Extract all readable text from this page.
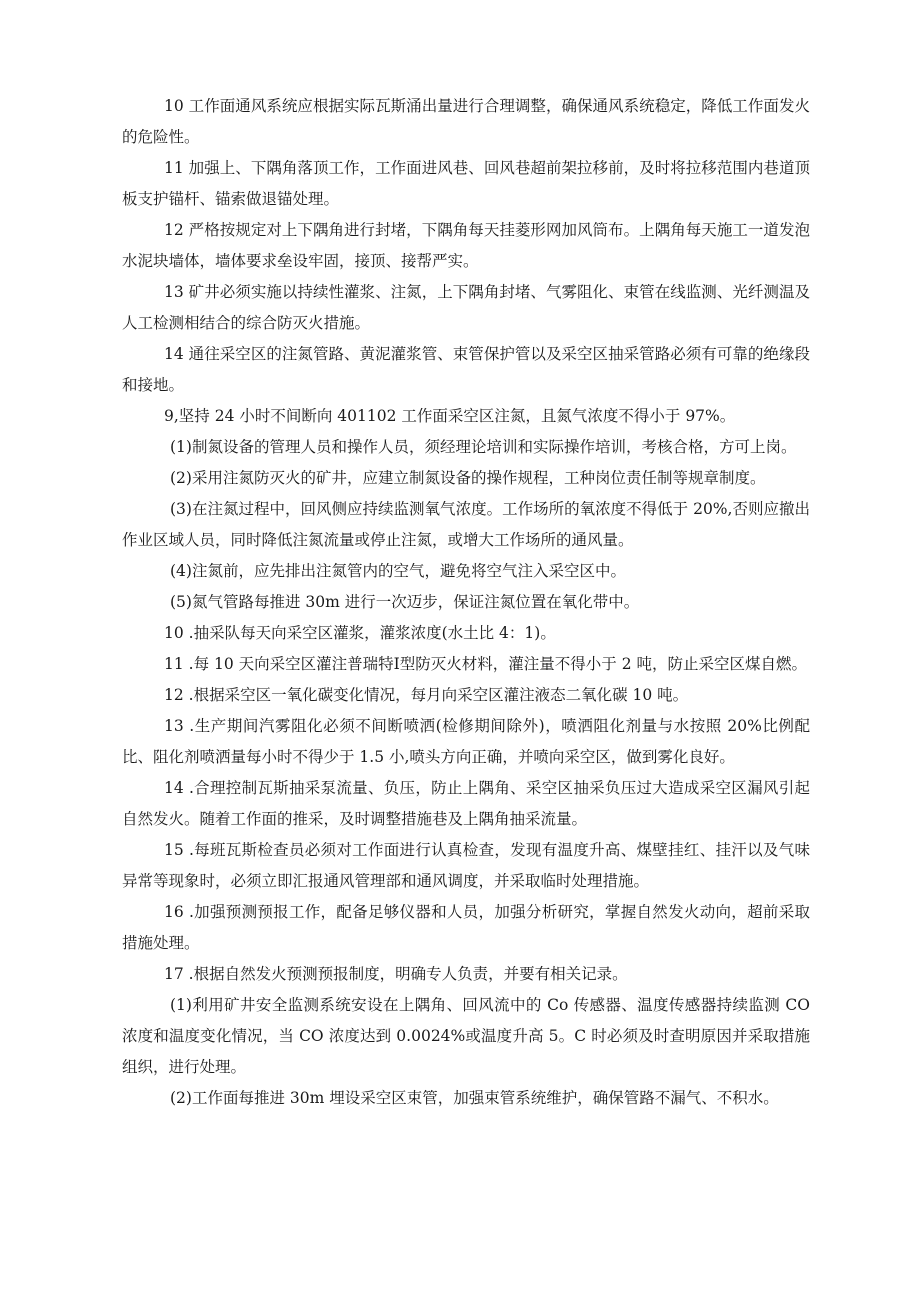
10 工作面通风系统应根据实际瓦斯涌出量进行合理调整，确保通风系统稳定，降低工作面发火的危险性。

11 加强上、下隅角落顶工作，工作面进风巷、回风巷超前架拉移前，及时将拉移范围内巷道顶板支护锚杆、锚索做退锚处理。

12 严格按规定对上下隅角进行封堵，下隅角每天挂菱形网加风筒布。上隅角每天施工一道发泡水泥块墙体，墙体要求垒设牢固，接顶、接帮严实。

13 矿井必须实施以持续性灌浆、注氮，上下隅角封堵、气雾阻化、束管在线监测、光纤测温及人工检测相结合的综合防灭火措施。

14 通往采空区的注氮管路、黄泥灌浆管、束管保护管以及采空区抽采管路必须有可靠的绝缘段和接地。

9,坚持 24 小时不间断向 401102 工作面采空区注氮，且氮气浓度不得小于 97%。

(1)制氮设备的管理人员和操作人员，须经理论培训和实际操作培训，考核合格，方可上岗。

(2)采用注氮防灭火的矿井，应建立制氮设备的操作规程，工种岗位责任制等规章制度。

(3)在注氮过程中，回风侧应持续监测氧气浓度。工作场所的氧浓度不得低于 20%,否则应撤出作业区域人员，同时降低注氮流量或停止注氮，或增大工作场所的通风量。

(4)注氮前，应先排出注氮管内的空气，避免将空气注入采空区中。

(5)氮气管路每推进 30m 进行一次迈步，保证注氮位置在氧化带中。

10 .抽采队每天向采空区灌浆，灌浆浓度(水土比 4：1)。

11 .每 10 天向采空区灌注普瑞特Ⅰ型防灭火材料，灌注量不得小于 2 吨，防止采空区煤自燃。

12 .根据采空区一氧化碳变化情况，每月向采空区灌注液态二氧化碳 10 吨。

13 .生产期间汽雾阻化必须不间断喷洒(检修期间除外)，喷洒阻化剂量与水按照 20%比例配比、阻化剂喷洒量每小时不得少于 1.5 小,喷头方向正确，并喷向采空区，做到雾化良好。

14 .合理控制瓦斯抽采泵流量、负压，防止上隅角、采空区抽采负压过大造成采空区漏风引起自然发火。随着工作面的推采，及时调整措施巷及上隅角抽采流量。

15 .每班瓦斯检查员必须对工作面进行认真检查，发现有温度升高、煤壁挂红、挂汗以及气味异常等现象时，必须立即汇报通风管理部和通风调度，并采取临时处理措施。

16 .加强预测预报工作，配备足够仪器和人员，加强分析研究，掌握自然发火动向，超前采取措施处理。

17 .根据自然发火预测预报制度，明确专人负责，并要有相关记录。

(1)利用矿井安全监测系统安设在上隅角、回风流中的 Co 传感器、温度传感器持续监测 CO 浓度和温度变化情况，当 CO 浓度达到 0.0024%或温度升高 5。C 时必须及时查明原因并采取措施组织，进行处理。

(2)工作面每推进 30m 埋设采空区束管，加强束管系统维护，确保管路不漏气、不积水。
